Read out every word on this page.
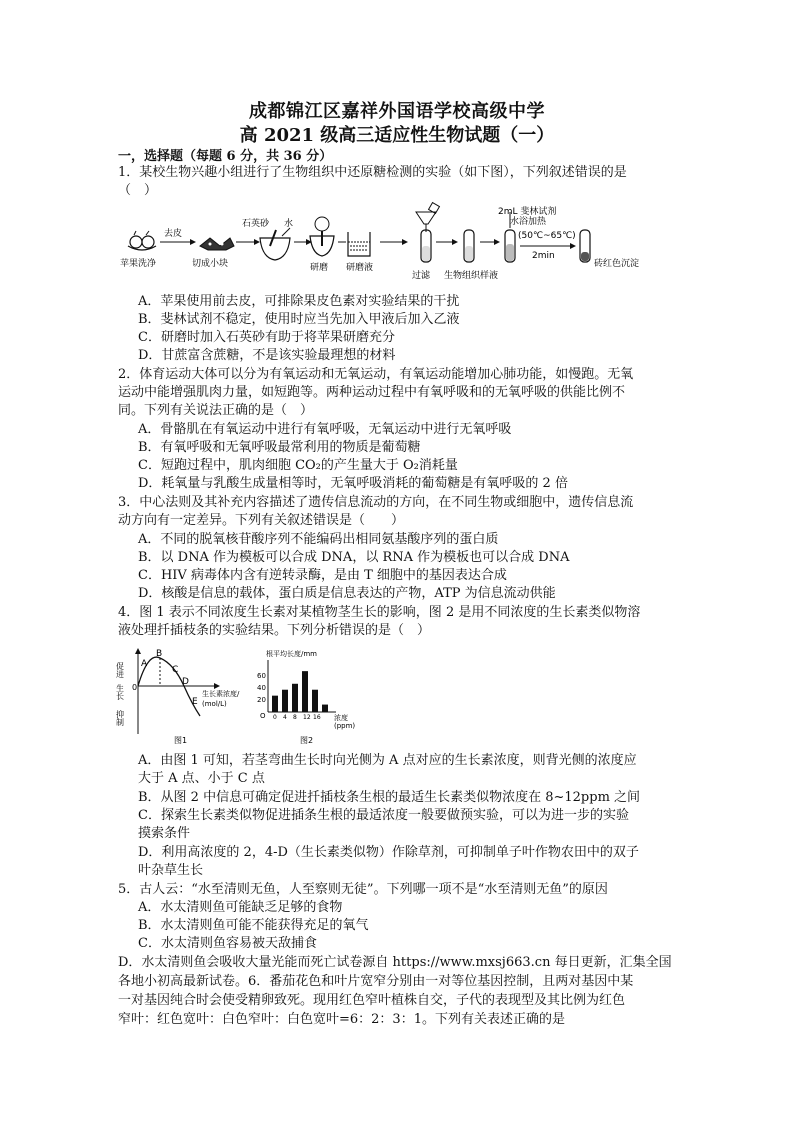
成都锦江区嘉祥外国语学校高级中学
高 2021 级高三适应性生物试题（一）
一，选择题（每题 6 分，共 36 分）
1．某校生物兴趣小组进行了生物组织中还原糖检测的实验（如下图），下列叙述错误的是
（　）
苹果洗净
去皮
切成小块
石英砂 水
研磨 研磨液
过滤 生物组织样液
2mL 斐林试剂
水浴加热
(50℃~65℃)
2min
砖红色沉淀
A．苹果使用前去皮，可排除果皮色素对实验结果的干扰
B．斐林试剂不稳定，使用时应当先加入甲液后加入乙液
C．研磨时加入石英砂有助于将苹果研磨充分
D．甘蔗富含蔗糖，不是该实验最理想的材料
2．体育运动大体可以分为有氧运动和无氧运动，有氧运动能增加心肺功能，如慢跑。无氧
运动中能增强肌肉力量，如短跑等。两种运动过程中有氧呼吸和的无氧呼吸的供能比例不
同。下列有关说法正确的是（　）
A．骨骼肌在有氧运动中进行有氧呼吸，无氧运动中进行无氧呼吸
B．有氧呼吸和无氧呼吸最常利用的物质是葡萄糖
C．短跑过程中，肌肉细胞 CO₂的产生量大于 O₂消耗量
D．耗氧量与乳酸生成量相等时，无氧呼吸消耗的葡萄糖是有氧呼吸的 2 倍
3．中心法则及其补充内容描述了遗传信息流动的方向，在不同生物或细胞中，遗传信息流
动方向有一定差异。下列有关叙述错误是（　　）
A．不同的脱氧核苷酸序列不能编码出相同氨基酸序列的蛋白质
B．以 DNA 作为模板可以合成 DNA，以 RNA 作为模板也可以合成 DNA
C．HIV 病毒体内含有逆转录酶，是由 T 细胞中的基因表达合成
D．核酸是信息的载体，蛋白质是信息表达的产物，ATP 为信息流动供能
4．图 1 表示不同浓度生长素对某植物茎生长的影响，图 2 是用不同浓度的生长素类似物溶
液处理扦插枝条的实验结果。下列分析错误的是（　）
促进
生长
抑制
0
A
B
C
D
E
生长素浓度/
(mol/L)
图1
根平均长度/mm
60
40
20
O 0 4 8 12 16 浓度
(ppm)
图2
A．由图 1 可知，若茎弯曲生长时向光侧为 A 点对应的生长素浓度，则背光侧的浓度应
大于 A 点、小于 C 点
B．从图 2 中信息可确定促进扦插枝条生根的最适生长素类似物浓度在 8~12ppm 之间
C．探索生长素类似物促进插条生根的最适浓度一般要做预实验，可以为进一步的实验
摸索条件
D．利用高浓度的 2，4-D（生长素类似物）作除草剂，可抑制单子叶作物农田中的双子
叶杂草生长
5．古人云：“水至清则无鱼，人至察则无徒”。下列哪一项不是“水至清则无鱼”的原因
A．水太清则鱼可能缺乏足够的食物
B．水太清则鱼可能不能获得充足的氧气
C．水太清则鱼容易被天敌捕食
D．水太清则鱼会吸收大量光能而死亡试卷源自 https://www.mxsj663.cn 每日更新，汇集全国
各地小初高最新试卷。6．番茄花色和叶片宽窄分别由一对等位基因控制，且两对基因中某
一对基因纯合时会使受精卵致死。现用红色窄叶植株自交，子代的表现型及其比例为红色
窄叶：红色宽叶：白色窄叶：白色宽叶=6：2：3：1。下列有关表述正确的是
